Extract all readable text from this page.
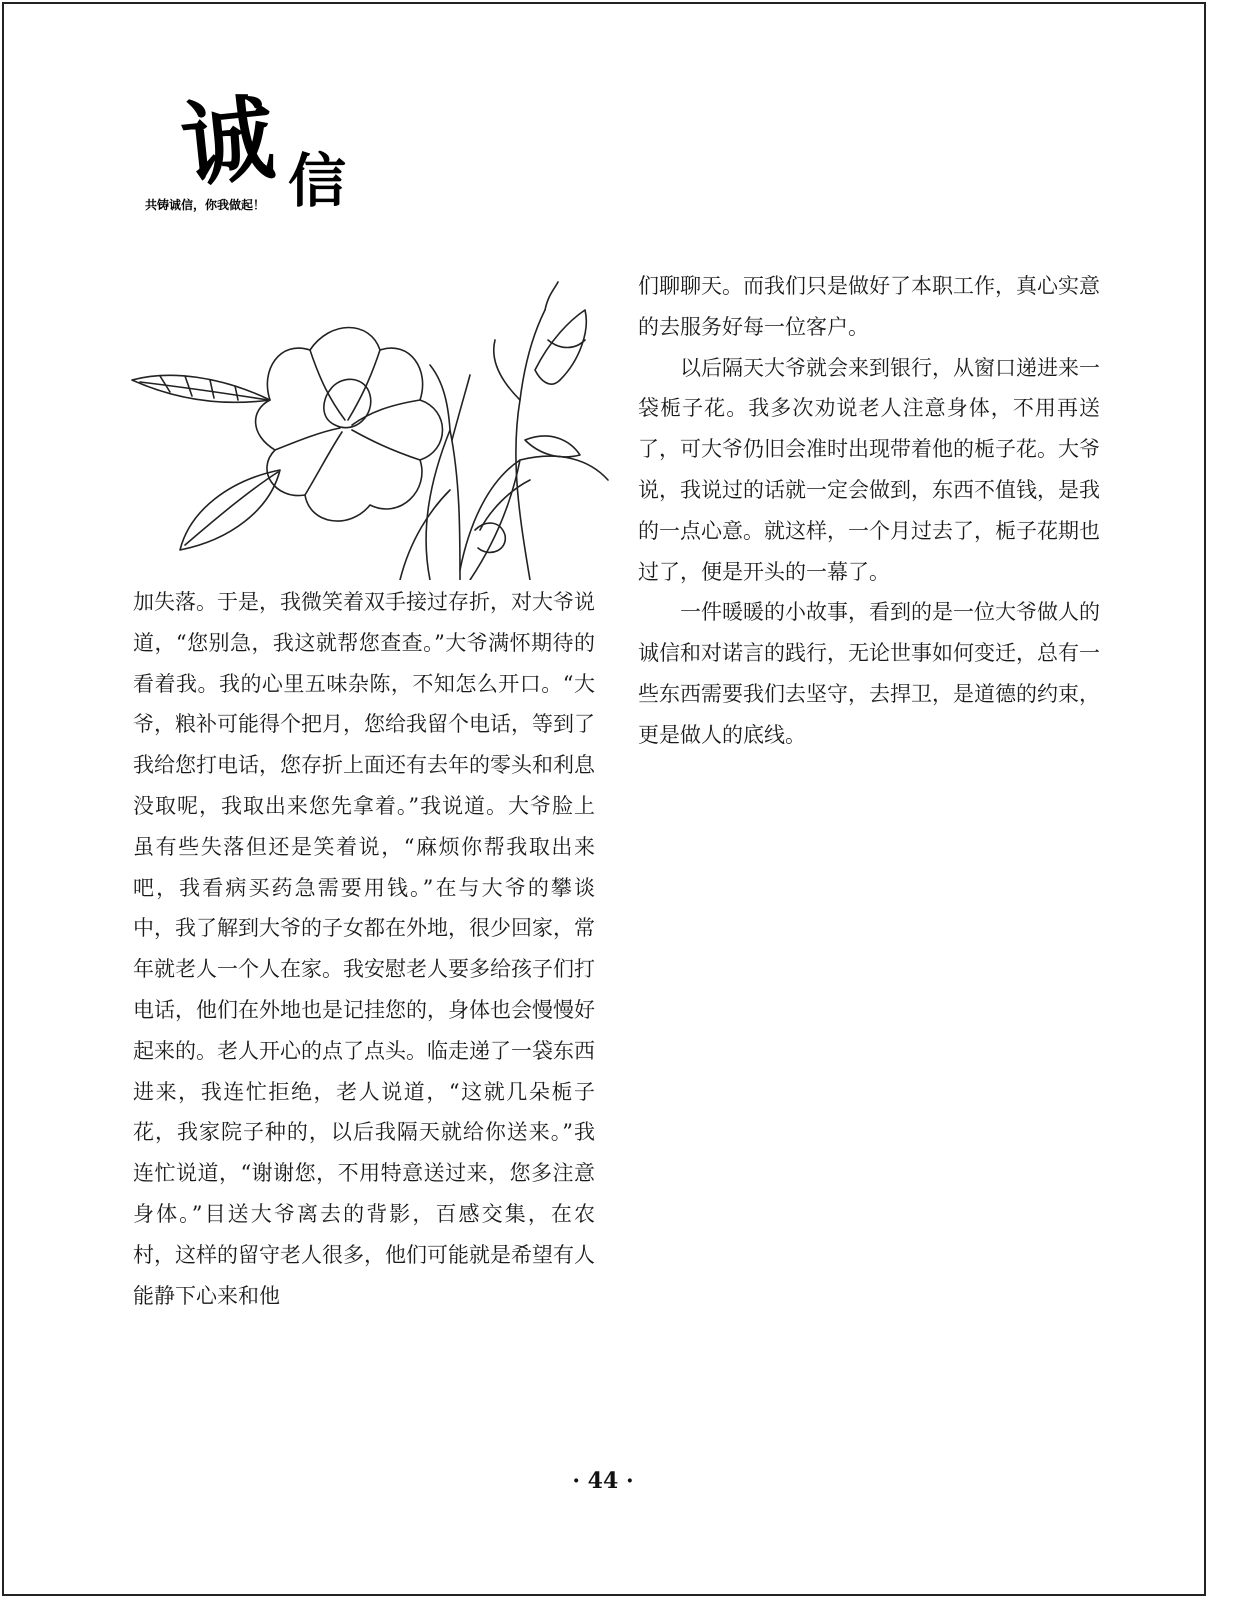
诚 信
共铸诚信，你我做起！

加失落。于是，我微笑着双手接过存折，对大爷说道，“您别急，我这就帮您查查。”大爷满怀期待的看着我。我的心里五味杂陈，不知怎么开口。“大爷，粮补可能得个把月，您给我留个电话，等到了我给您打电话，您存折上面还有去年的零头和利息没取呢，我取出来您先拿着。”我说道。大爷脸上虽有些失落但还是笑着说，“麻烦你帮我取出来吧，我看病买药急需要用钱。”在与大爷的攀谈中，我了解到大爷的子女都在外地，很少回家，常年就老人一个人在家。我安慰老人要多给孩子们打电话，他们在外地也是记挂您的，身体也会慢慢好起来的。老人开心的点了点头。临走递了一袋东西进来，我连忙拒绝，老人说道，“这就几朵栀子花，我家院子种的，以后我隔天就给你送来。”我连忙说道，“谢谢您，不用特意送过来，您多注意身体。”目送大爷离去的背影，百感交集，在农村，这样的留守老人很多，他们可能就是希望有人能静下心来和他

们聊聊天。而我们只是做好了本职工作，真心实意的去服务好每一位客户。

以后隔天大爷就会来到银行，从窗口递进来一袋栀子花。我多次劝说老人注意身体，不用再送了，可大爷仍旧会准时出现带着他的栀子花。大爷说，我说过的话就一定会做到，东西不值钱，是我的一点心意。就这样，一个月过去了，栀子花期也过了，便是开头的一幕了。

一件暖暖的小故事，看到的是一位大爷做人的诚信和对诺言的践行，无论世事如何变迁，总有一些东西需要我们去坚守，去捍卫，是道德的约束，更是做人的底线。

· 44 ·
